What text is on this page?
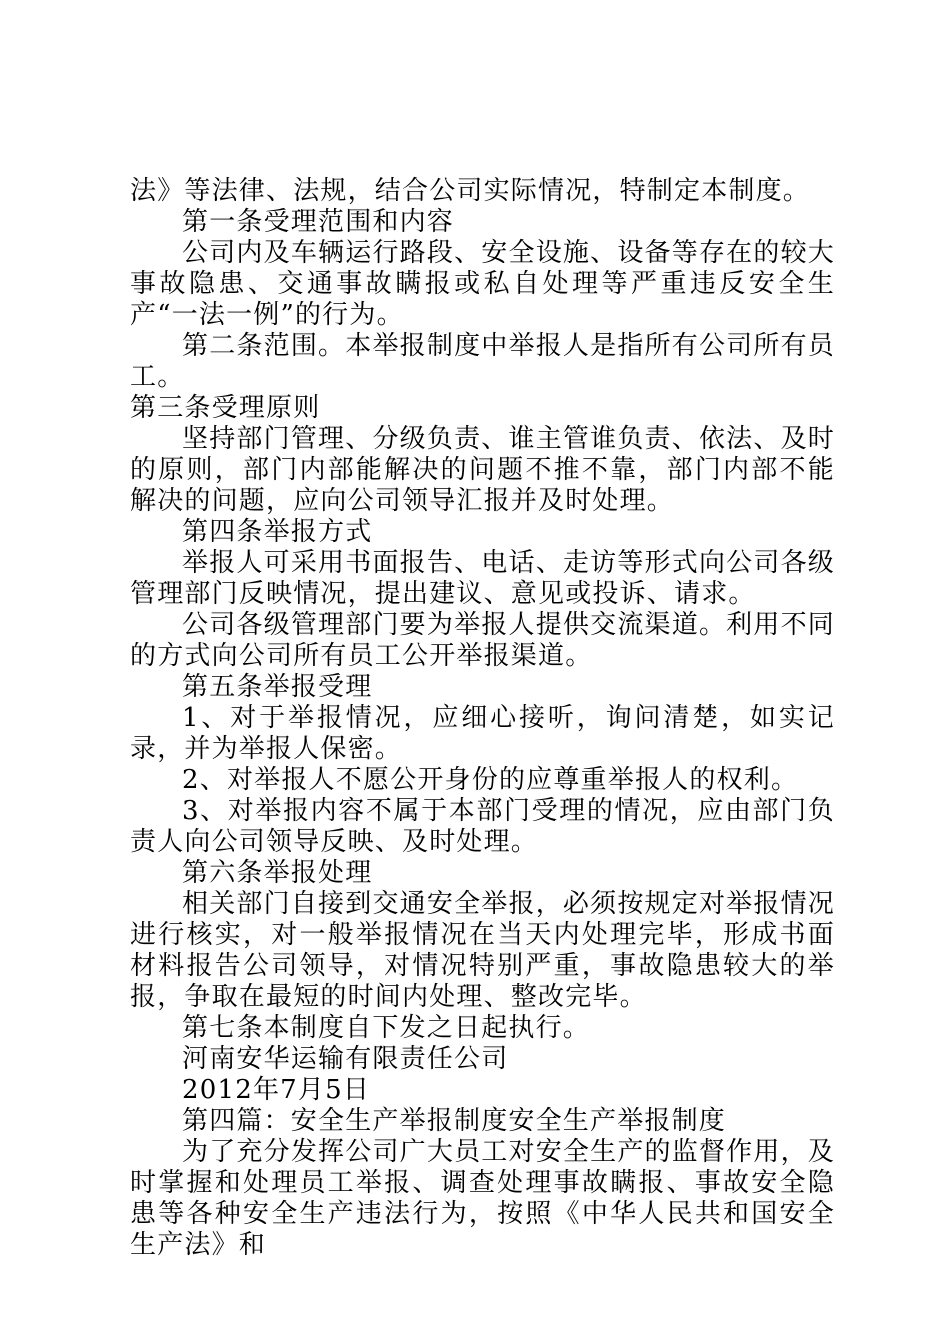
法》等法律、法规，结合公司实际情况，特制定本制度。

第一条受理范围和内容

公司内及车辆运行路段、安全设施、设备等存在的较大事故隐患、交通事故瞒报或私自处理等严重违反安全生产“一法一例”的行为。

第二条范围。本举报制度中举报人是指所有公司所有员工。

第三条受理原则

坚持部门管理、分级负责、谁主管谁负责、依法、及时的原则，部门内部能解决的问题不推不靠，部门内部不能解决的问题，应向公司领导汇报并及时处理。

第四条举报方式

举报人可采用书面报告、电话、走访等形式向公司各级管理部门反映情况，提出建议、意见或投诉、请求。

公司各级管理部门要为举报人提供交流渠道。利用不同的方式向公司所有员工公开举报渠道。

第五条举报受理

1、对于举报情况，应细心接听，询问清楚，如实记录，并为举报人保密。

2、对举报人不愿公开身份的应尊重举报人的权利。

3、对举报内容不属于本部门受理的情况，应由部门负责人向公司领导反映、及时处理。

第六条举报处理

相关部门自接到交通安全举报，必须按规定对举报情况进行核实，对一般举报情况在当天内处理完毕，形成书面材料报告公司领导，对情况特别严重，事故隐患较大的举报，争取在最短的时间内处理、整改完毕。

第七条本制度自下发之日起执行。

河南安华运输有限责任公司

2012年7月5日

第四篇：安全生产举报制度安全生产举报制度

为了充分发挥公司广大员工对安全生产的监督作用，及时掌握和处理员工举报、调查处理事故瞒报、事故安全隐患等各种安全生产违法行为，按照《中华人民共和国安全生产法》和
